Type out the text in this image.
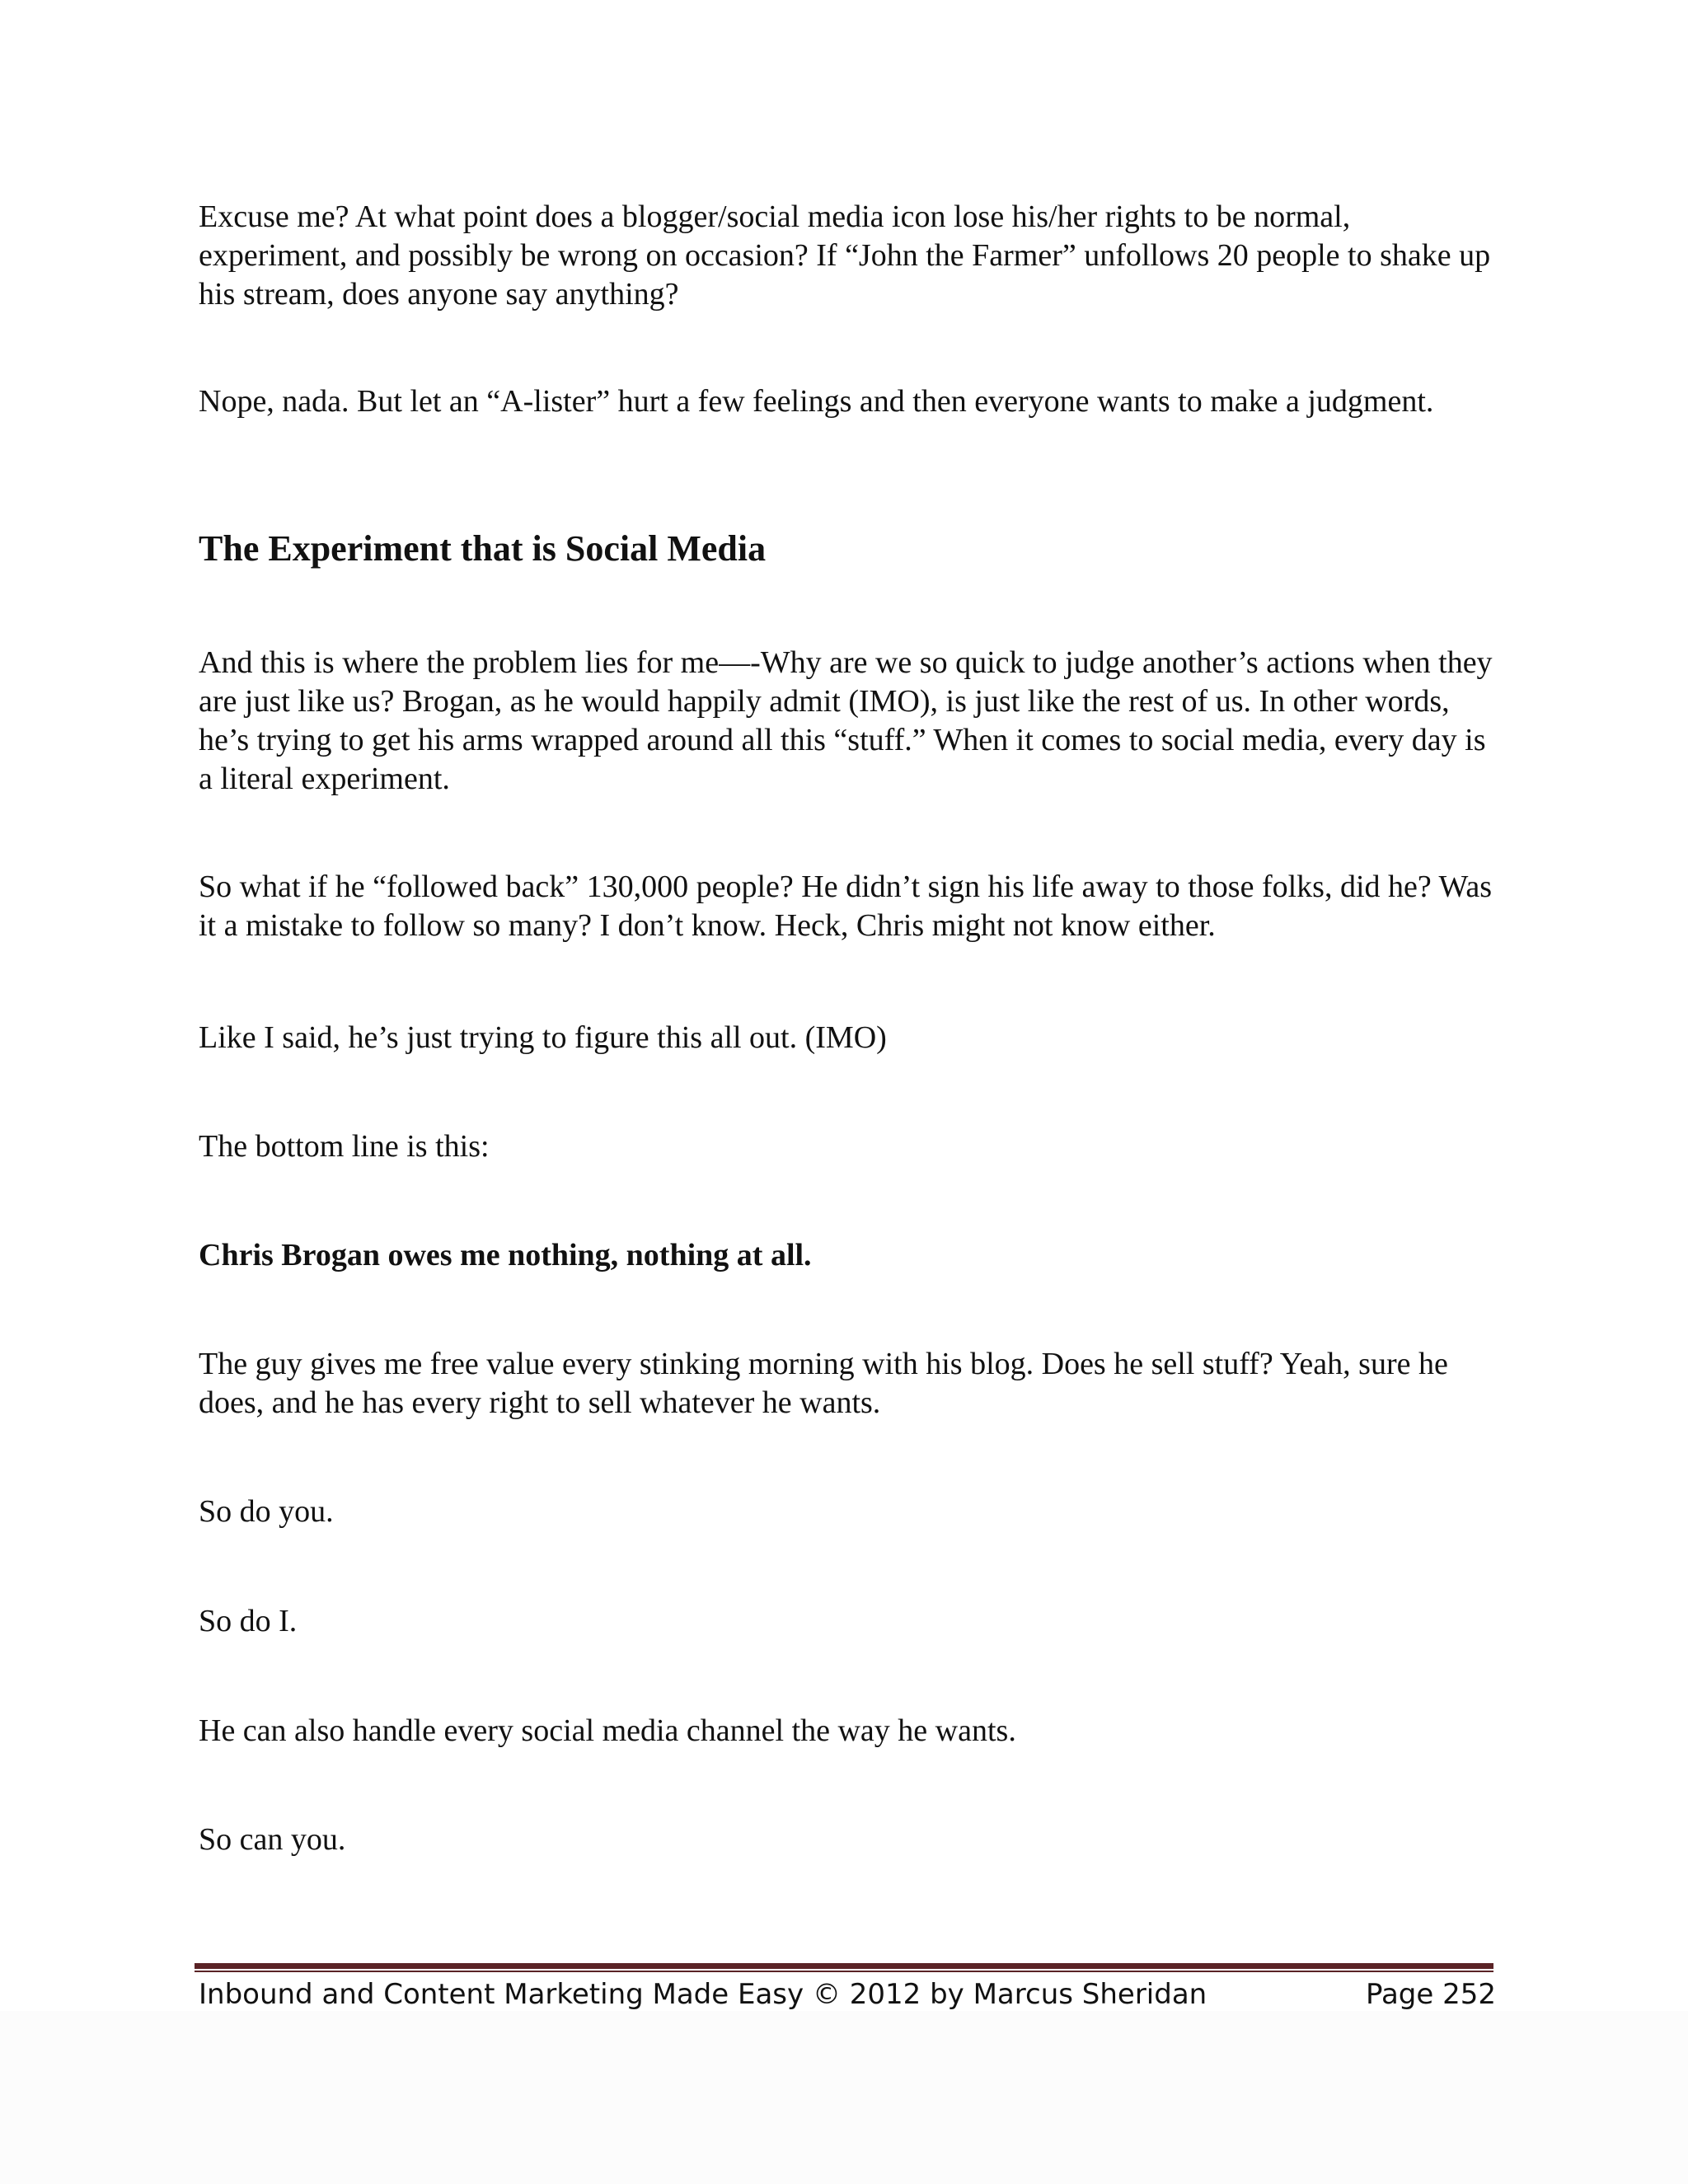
Excuse me? At what point does a blogger/social media icon lose his/her rights to be normal, experiment, and possibly be wrong on occasion? If “John the Farmer” unfollows 20 people to shake up his stream, does anyone say anything?

Nope, nada. But let an “A-lister” hurt a few feelings and then everyone wants to make a judgment.

The Experiment that is Social Media

And this is where the problem lies for me—-Why are we so quick to judge another’s actions when they are just like us? Brogan, as he would happily admit (IMO), is just like the rest of us. In other words, he’s trying to get his arms wrapped around all this “stuff.” When it comes to social media, every day is a literal experiment.

So what if he “followed back” 130,000 people? He didn’t sign his life away to those folks, did he? Was it a mistake to follow so many? I don’t know. Heck, Chris might not know either.

Like I said, he’s just trying to figure this all out. (IMO)

The bottom line is this:

Chris Brogan owes me nothing, nothing at all.

The guy gives me free value every stinking morning with his blog. Does he sell stuff? Yeah, sure he does, and he has every right to sell whatever he wants.

So do you.

So do I.

He can also handle every social media channel the way he wants.

So can you.

Inbound and Content Marketing Made Easy © 2012 by Marcus Sheridan	Page 252
